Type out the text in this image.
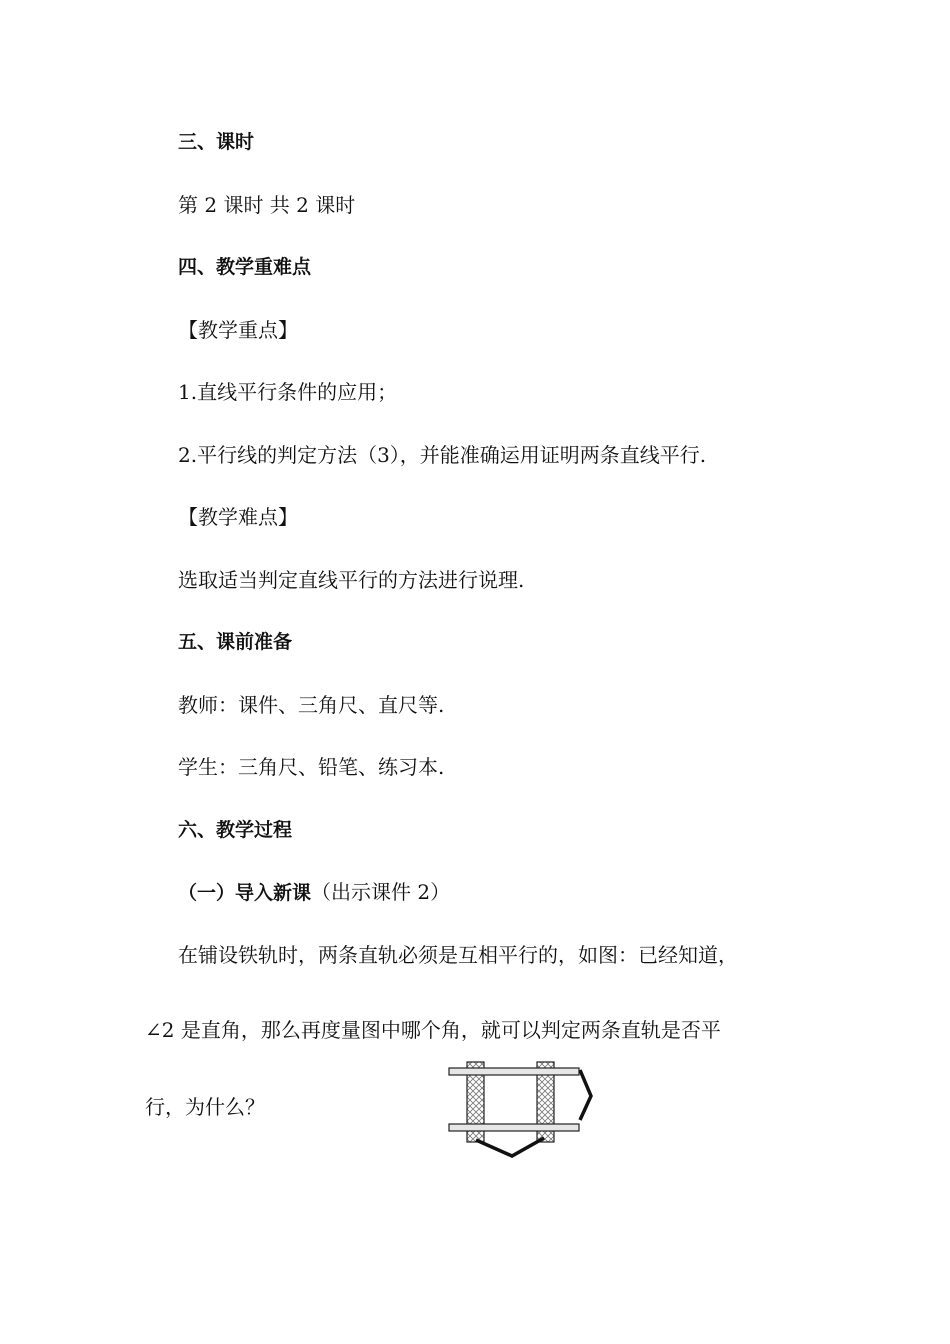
三、课时
第 2 课时 共 2 课时
四、教学重难点
【教学重点】
1.直线平行条件的应用；
2.平行线的判定方法（3），并能准确运用证明两条直线平行.
【教学难点】
选取适当判定直线平行的方法进行说理.
五、课前准备
教师：课件、三角尺、直尺等.
学生：三角尺、铅笔、练习本.
六、教学过程
（一）导入新课（出示课件 2）
在铺设铁轨时，两条直轨必须是互相平行的，如图：已经知道，
∠2 是直角，那么再度量图中哪个角，就可以判定两条直轨是否平
行，为什么？
